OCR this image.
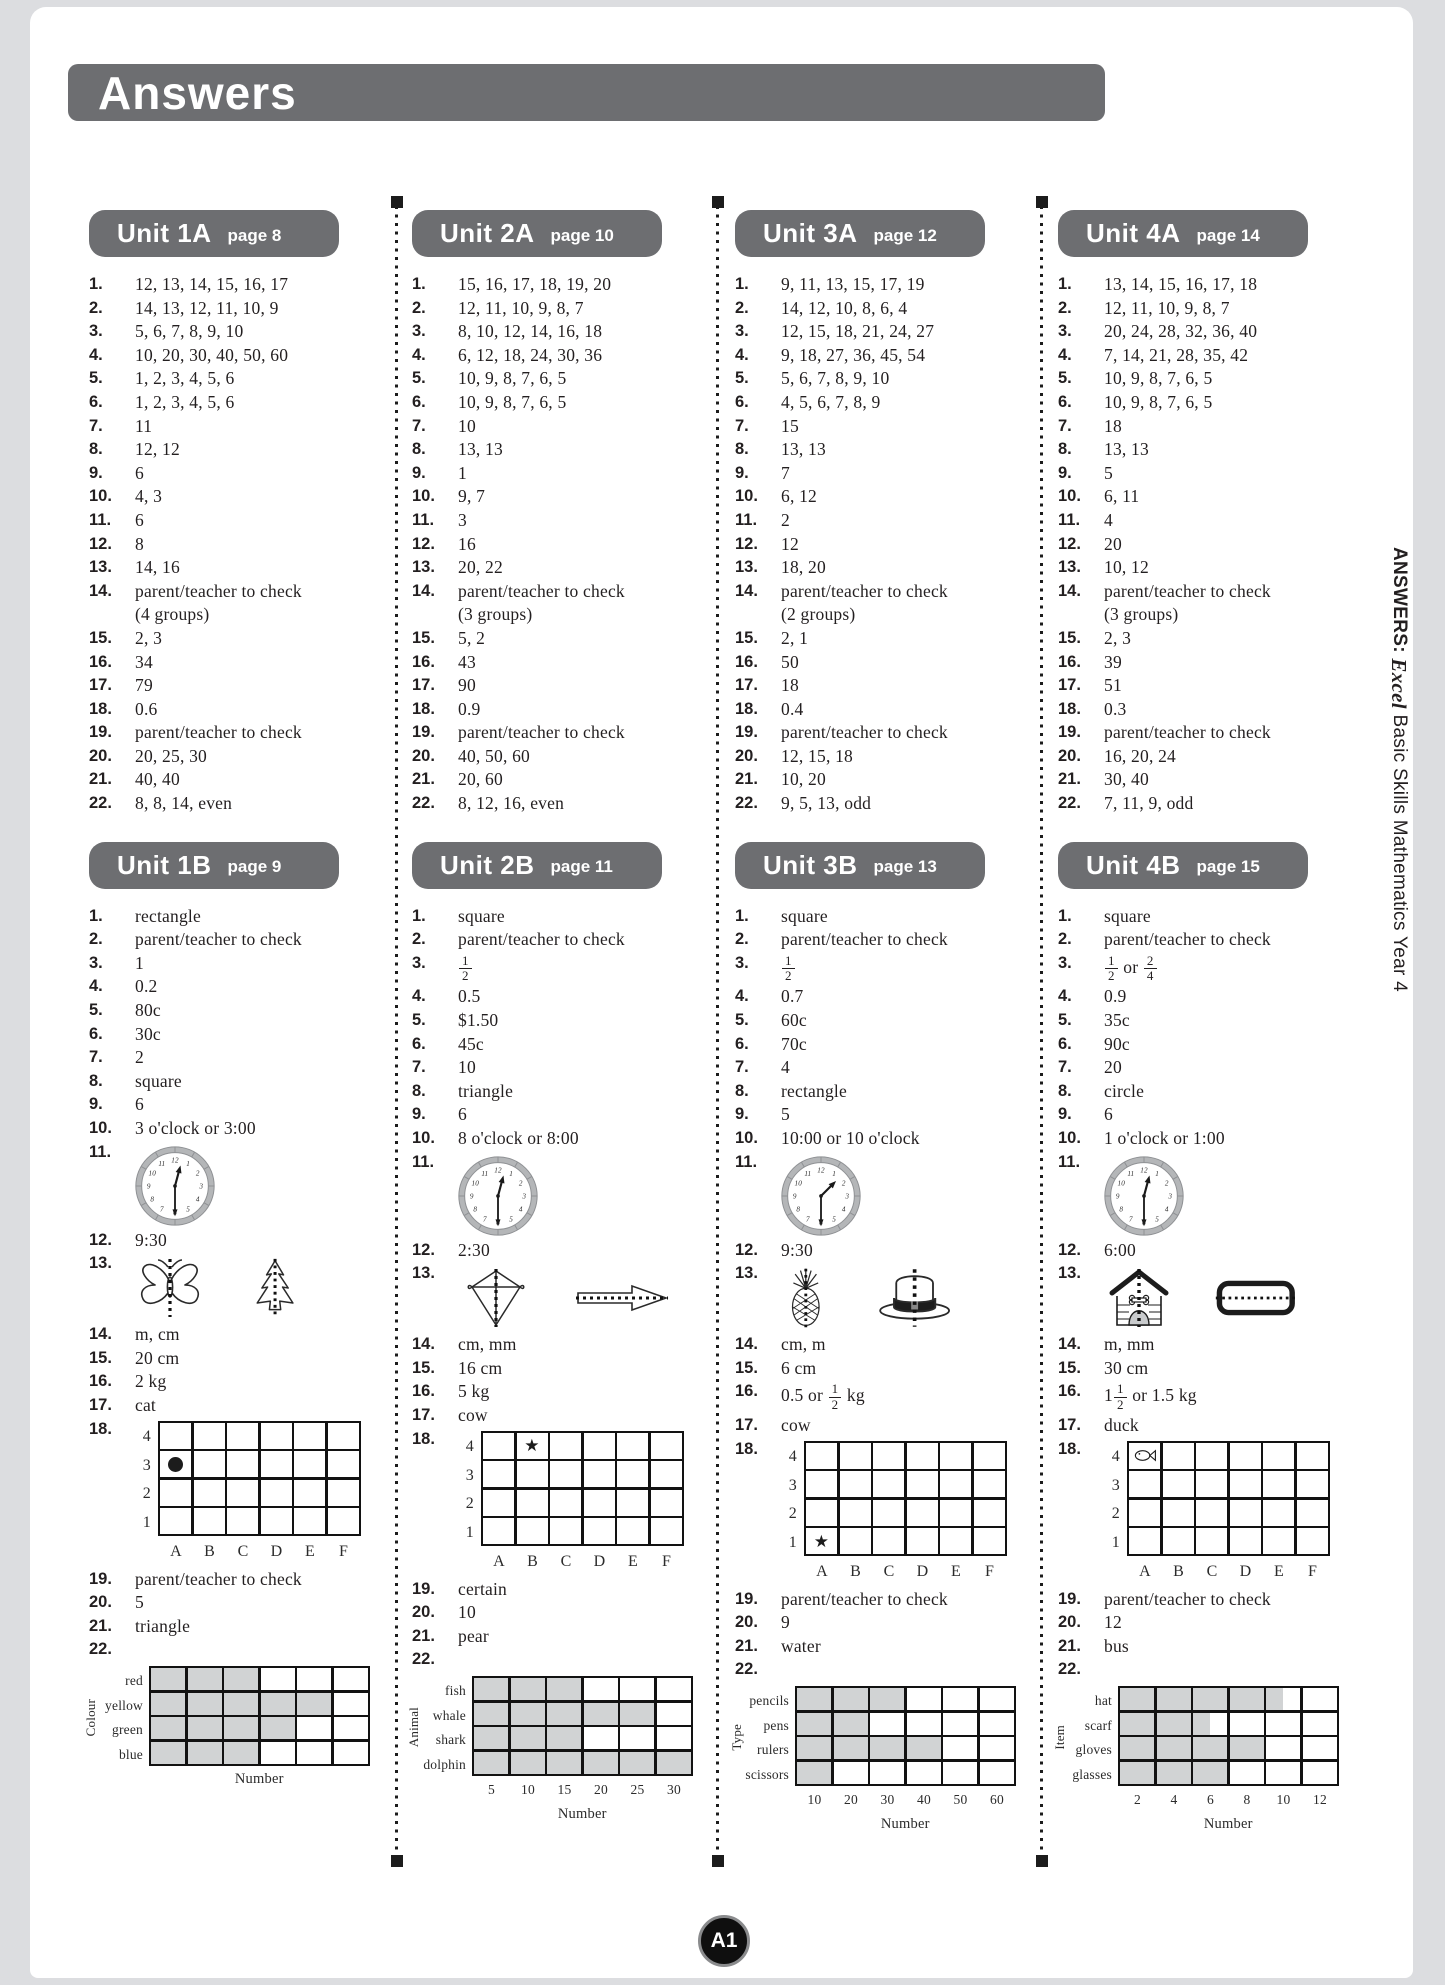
Answers
Unit 1A page 8
1.	12, 13, 14, 15, 16, 17
2.	14, 13, 12, 11, 10, 9
3.	5, 6, 7, 8, 9, 10
4.	10, 20, 30, 40, 50, 60
5.	1, 2, 3, 4, 5, 6
6.	1, 2, 3, 4, 5, 6
7.	11
8.	12, 12
9.	6
10.	4, 3
11.	6
12.	8
13.	14, 16
14.	parent/teacher to check
(4 groups)
15.	2, 3
16.	34
17.	79
18.	0.6
19.	parent/teacher to check
20.	20, 25, 30
21.	40, 40
22.	8, 8, 14, even
Unit 1B page 9
1.	rectangle
2.	parent/teacher to check
3.	1
4.	0.2
5.	80c
6.	30c
7.	2
8.	square
9.	6
10.	3 o'clock or 3:00
11.
1
2
3
4
5
7
8
9
10
11 12
12.	9:30
13.
14.	m, cm
15.	20 cm
16.	2 kg
17.	cat
18.	4
3
2
1
A	B	C	D	E	F
19.	parent/teacher to check
20.	5
21.	triangle
22.
Colour
red
yellow
green
blue
Number
Unit 2A page 10
1.	15, 16, 17, 18, 19, 20
2.	12, 11, 10, 9, 8, 7
3.	8, 10, 12, 14, 16, 18
4.	6, 12, 18, 24, 30, 36
5.	10, 9, 8, 7, 6, 5
6.	10, 9, 8, 7, 6, 5
7.	10
8.	13, 13
9.	1
10.	9, 7
11.	3
12.	16
13.	20, 22
14.	parent/teacher to check
(3 groups)
15.	5, 2
16.	43
17.	90
18.	0.9
19.	parent/teacher to check
20.	40, 50, 60
21.	20, 60
22.	8, 12, 16, even
Unit 2B page 11
1.	square
2.	parent/teacher to check
3.	$\frac{1}{2}$
4.	0.5
5.	$1.50
6.	45c
7.	10
8.	triangle
9.	6
10.	8 o'clock or 8:00
11.
1
2
3
4
5
7
8
9
10
11 12
12.	2:30
13.
14.	cm, mm
15.	16 cm
16.	5 kg
17.	cow
18.	4
3
2
1
★
A	B	C	D	E	F
19.	certain
20.	10
21.	pear
22.
Animal
fish
whale
shark
dolphin
5	10	15	20	25	30
Number
Unit 3A page 12
1.	9, 11, 13, 15, 17, 19
2.	14, 12, 10, 8, 6, 4
3.	12, 15, 18, 21, 24, 27
4.	9, 18, 27, 36, 45, 54
5.	5, 6, 7, 8, 9, 10
6.	4, 5, 6, 7, 8, 9
7.	15
8.	13, 13
9.	7
10.	6, 12
11.	2
12.	12
13.	18, 20
14.	parent/teacher to check
(2 groups)
15.	2, 1
16.	50
17.	18
18.	0.4
19.	parent/teacher to check
20.	12, 15, 18
21.	10, 20
22.	9, 5, 13, odd
Unit 3B page 13
1.	square
2.	parent/teacher to check
3.	$\frac{1}{2}$
4.	0.7
5.	60c
6.	70c
7.	4
8.	rectangle
9.	5
10.	10:00 or 10 o'clock
11.
1
2
3
4
5
7
8
9
10
11 12
12.	9:30
13.
14.	cm, m
15.	6 cm
16.	0.5 or $\frac{1}{2}$ kg
17.	cow
18.	4
3
2
1 ★
A	B	C	D	E	F
19.	parent/teacher to check
20.	9
21.	water
22.
Type
pencils
pens
rulers
scissors
10	20	30	40	50	60
Number
Unit 4A page 14
1.	13, 14, 15, 16, 17, 18
2.	12, 11, 10, 9, 8, 7
3.	20, 24, 28, 32, 36, 40
4.	7, 14, 21, 28, 35, 42
5.	10, 9, 8, 7, 6, 5
6.	10, 9, 8, 7, 6, 5
7.	18
8.	13, 13
9.	5
10.	6, 11
11.	4
12.	20
13.	10, 12
14.	parent/teacher to check
(3 groups)
15.	2, 3
16.	39
17.	51
18.	0.3
19.	parent/teacher to check
20.	16, 20, 24
21.	30, 40
22.	7, 11, 9, odd
Unit 4B page 15
1.	square
2.	parent/teacher to check
3.	$\frac{1}{2}$ or $\frac{2}{4}$
4.	0.9
5.	35c
6.	90c
7.	20
8.	circle
9.	6
10.	1 o'clock or 1:00
11.
1
2
3
4
5
7
8
9
10
11 12
12.	6:00
13.
14.	m, mm
15.	30 cm
16.	$1 \frac{1}{2}$ or 1.5 kg
17.	duck
18.	4
3
2
1
A	B	C	D	E	F
19.	parent/teacher to check
20.	12
21.	bus
22.
Item
hat
scarf
gloves
glasses
2	4	6	8	10	12
Number
ANSWERS: Excel Basic Skills Mathematics Year 4
A1
